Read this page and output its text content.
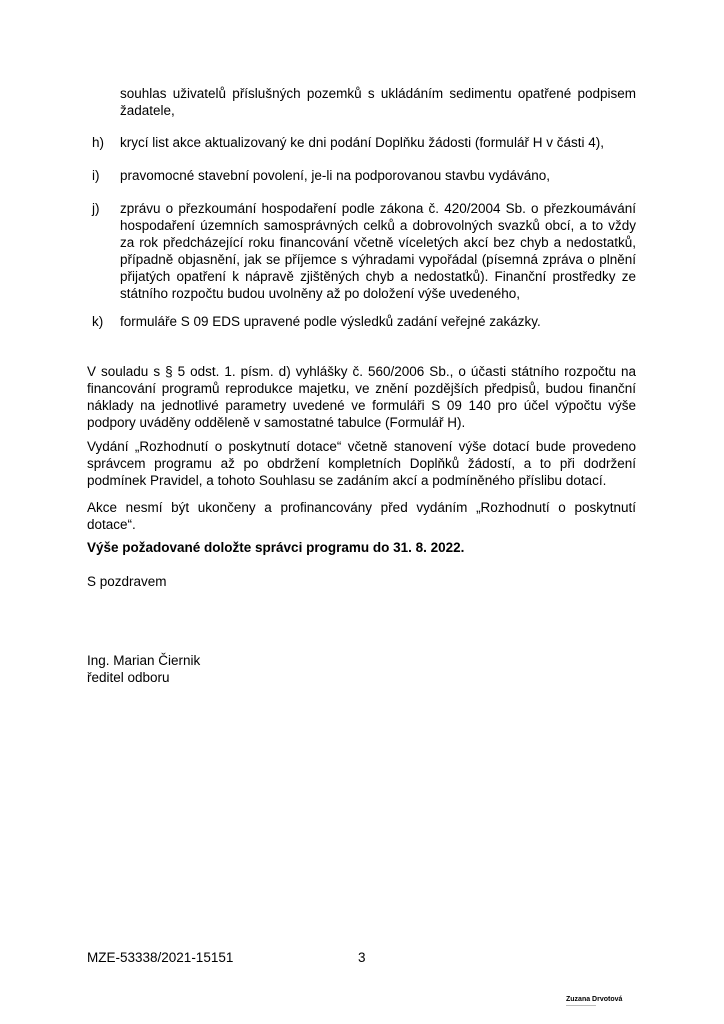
souhlas uživatelů příslušných pozemků s ukládáním sedimentu opatřené podpisem žadatele,
h)	krycí list akce aktualizovaný ke dni podání Doplňku žádosti (formulář H v části 4),
i)	pravomocné stavební povolení, je-li na podporovanou stavbu vydáváno,
j)	zprávu o přezkoumání hospodaření podle zákona č. 420/2004 Sb. o přezkoumávání hospodaření územních samosprávných celků a dobrovolných svazků obcí, a to vždy za rok předcházející roku financování včetně víceletých akcí bez chyb a nedostatků, případně objasnění, jak se příjemce s výhradami vypořádal (písemná zpráva o plnění přijatých opatření k nápravě zjištěných chyb a nedostatků). Finanční prostředky ze státního rozpočtu budou uvolněny až po doložení výše uvedeného,
k)	formuláře S 09 EDS upravené podle výsledků zadání veřejné zakázky.
V souladu s § 5 odst. 1. písm. d) vyhlášky č. 560/2006 Sb., o účasti státního rozpočtu na financování programů reprodukce majetku, ve znění pozdějších předpisů, budou finanční náklady na jednotlivé parametry uvedené ve formuláři S 09 140 pro účel výpočtu výše podpory uváděny odděleně v samostatné tabulce (Formulář H).
Vydání „Rozhodnutí o poskytnutí dotace“ včetně stanovení výše dotací bude provedeno správcem programu až po obdržení kompletních Doplňků žádostí, a to při dodržení podmínek Pravidel, a tohoto Souhlasu se zadáním akcí a podmíněného příslibu dotací.
Akce nesmí být ukončeny a profinancovány před vydáním „Rozhodnutí o poskytnutí dotace“.
Výše požadované doložte správci programu do 31. 8. 2022.
S pozdravem
Ing. Marian Čiernik
ředitel odboru
MZE-53338/2021-15151	3
Zuzana Drvotová
